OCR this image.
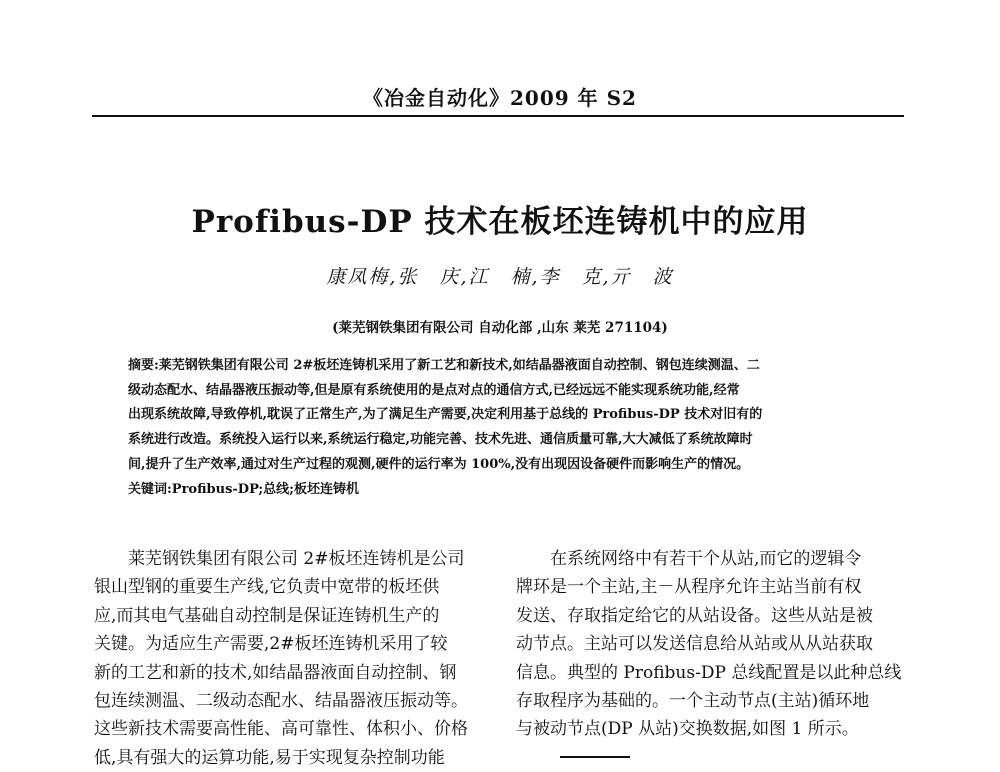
《冶金自动化》2009 年 S2
Profibus-DP 技术在板坯连铸机中的应用
康凤梅,张　庆,江　楠,李　克,亓　波
(莱芜钢铁集团有限公司 自动化部 ,山东 莱芜 271104)
摘要:莱芜钢铁集团有限公司 2#板坯连铸机采用了新工艺和新技术,如结晶器液面自动控制、钢包连续测温、二
级动态配水、结晶器液压振动等,但是原有系统使用的是点对点的通信方式,已经远远不能实现系统功能,经常
出现系统故障,导致停机,耽误了正常生产,为了满足生产需要,决定利用基于总线的 Profibus-DP 技术对旧有的
系统进行改造。系统投入运行以来,系统运行稳定,功能完善、技术先进、通信质量可靠,大大减低了系统故障时
间,提升了生产效率,通过对生产过程的观测,硬件的运行率为 100%,没有出现因设备硬件而影响生产的情况。
关键词:Profibus-DP;总线;板坯连铸机
莱芜钢铁集团有限公司 2#板坯连铸机是公司
银山型钢的重要生产线,它负责中宽带的板坯供
应,而其电气基础自动控制是保证连铸机生产的
关键。为适应生产需要,2#板坯连铸机采用了较
新的工艺和新的技术,如结晶器液面自动控制、钢
包连续测温、二级动态配水、结晶器液压振动等。
这些新技术需要高性能、高可靠性、体积小、价格
低,具有强大的运算功能,易于实现复杂控制功能
在系统网络中有若干个从站,而它的逻辑令
牌环是一个主站,主－从程序允许主站当前有权
发送、存取指定给它的从站设备。这些从站是被
动节点。主站可以发送信息给从站或从从站获取
信息。典型的 Profibus-DP 总线配置是以此种总线
存取程序为基础的。一个主动节点(主站)循环地
与被动节点(DP 从站)交换数据,如图 1 所示。
